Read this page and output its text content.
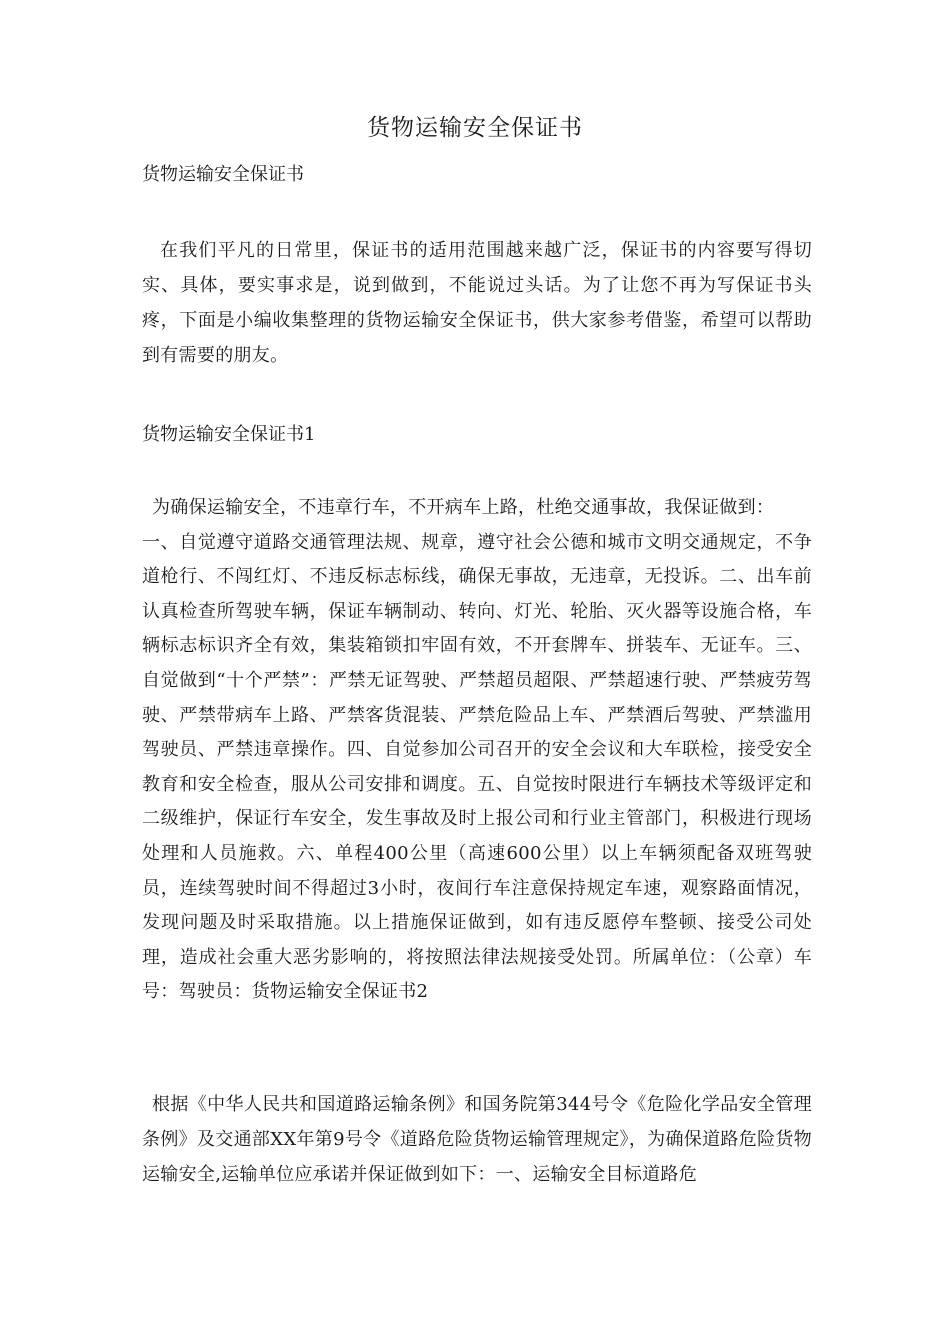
货物运输安全保证书
货物运输安全保证书
在我们平凡的日常里，保证书的适用范围越来越广泛，保证书的内容要写得切实、具体，要实事求是，说到做到，不能说过头话。为了让您不再为写保证书头疼，下面是小编收集整理的货物运输安全保证书，供大家参考借鉴，希望可以帮助到有需要的朋友。
货物运输安全保证书1
为确保运输安全，不违章行车，不开病车上路，杜绝交通事故，我保证做到：
一、自觉遵守道路交通管理法规、规章，遵守社会公德和城市文明交通规定，不争道枪行、不闯红灯、不违反标志标线，确保无事故，无违章，无投诉。二、出车前认真检查所驾驶车辆，保证车辆制动、转向、灯光、轮胎、灭火器等设施合格，车辆标志标识齐全有效，集装箱锁扣牢固有效，不开套牌车、拼装车、无证车。三、自觉做到“十个严禁”：严禁无证驾驶、严禁超员超限、严禁超速行驶、严禁疲劳驾驶、严禁带病车上路、严禁客货混装、严禁危险品上车、严禁酒后驾驶、严禁滥用驾驶员、严禁违章操作。四、自觉参加公司召开的安全会议和大车联检，接受安全教育和安全检查，服从公司安排和调度。五、自觉按时限进行车辆技术等级评定和二级维护，保证行车安全，发生事故及时上报公司和行业主管部门，积极进行现场处理和人员施救。六、单程400公里（高速600公里）以上车辆须配备双班驾驶员，连续驾驶时间不得超过3小时，夜间行车注意保持规定车速，观察路面情况，发现问题及时采取措施。以上措施保证做到，如有违反愿停车整顿、接受公司处理，造成社会重大恶劣影响的，将按照法律法规接受处罚。所属单位：（公章）车号：驾驶员：货物运输安全保证书2
根据《中华人民共和国道路运输条例》和国务院第344号令《危险化学品安全管理条例》及交通部XX年第9号令《道路危险货物运输管理规定》，为确保道路危险货物运输安全,运输单位应承诺并保证做到如下：一、运输安全目标道路危
